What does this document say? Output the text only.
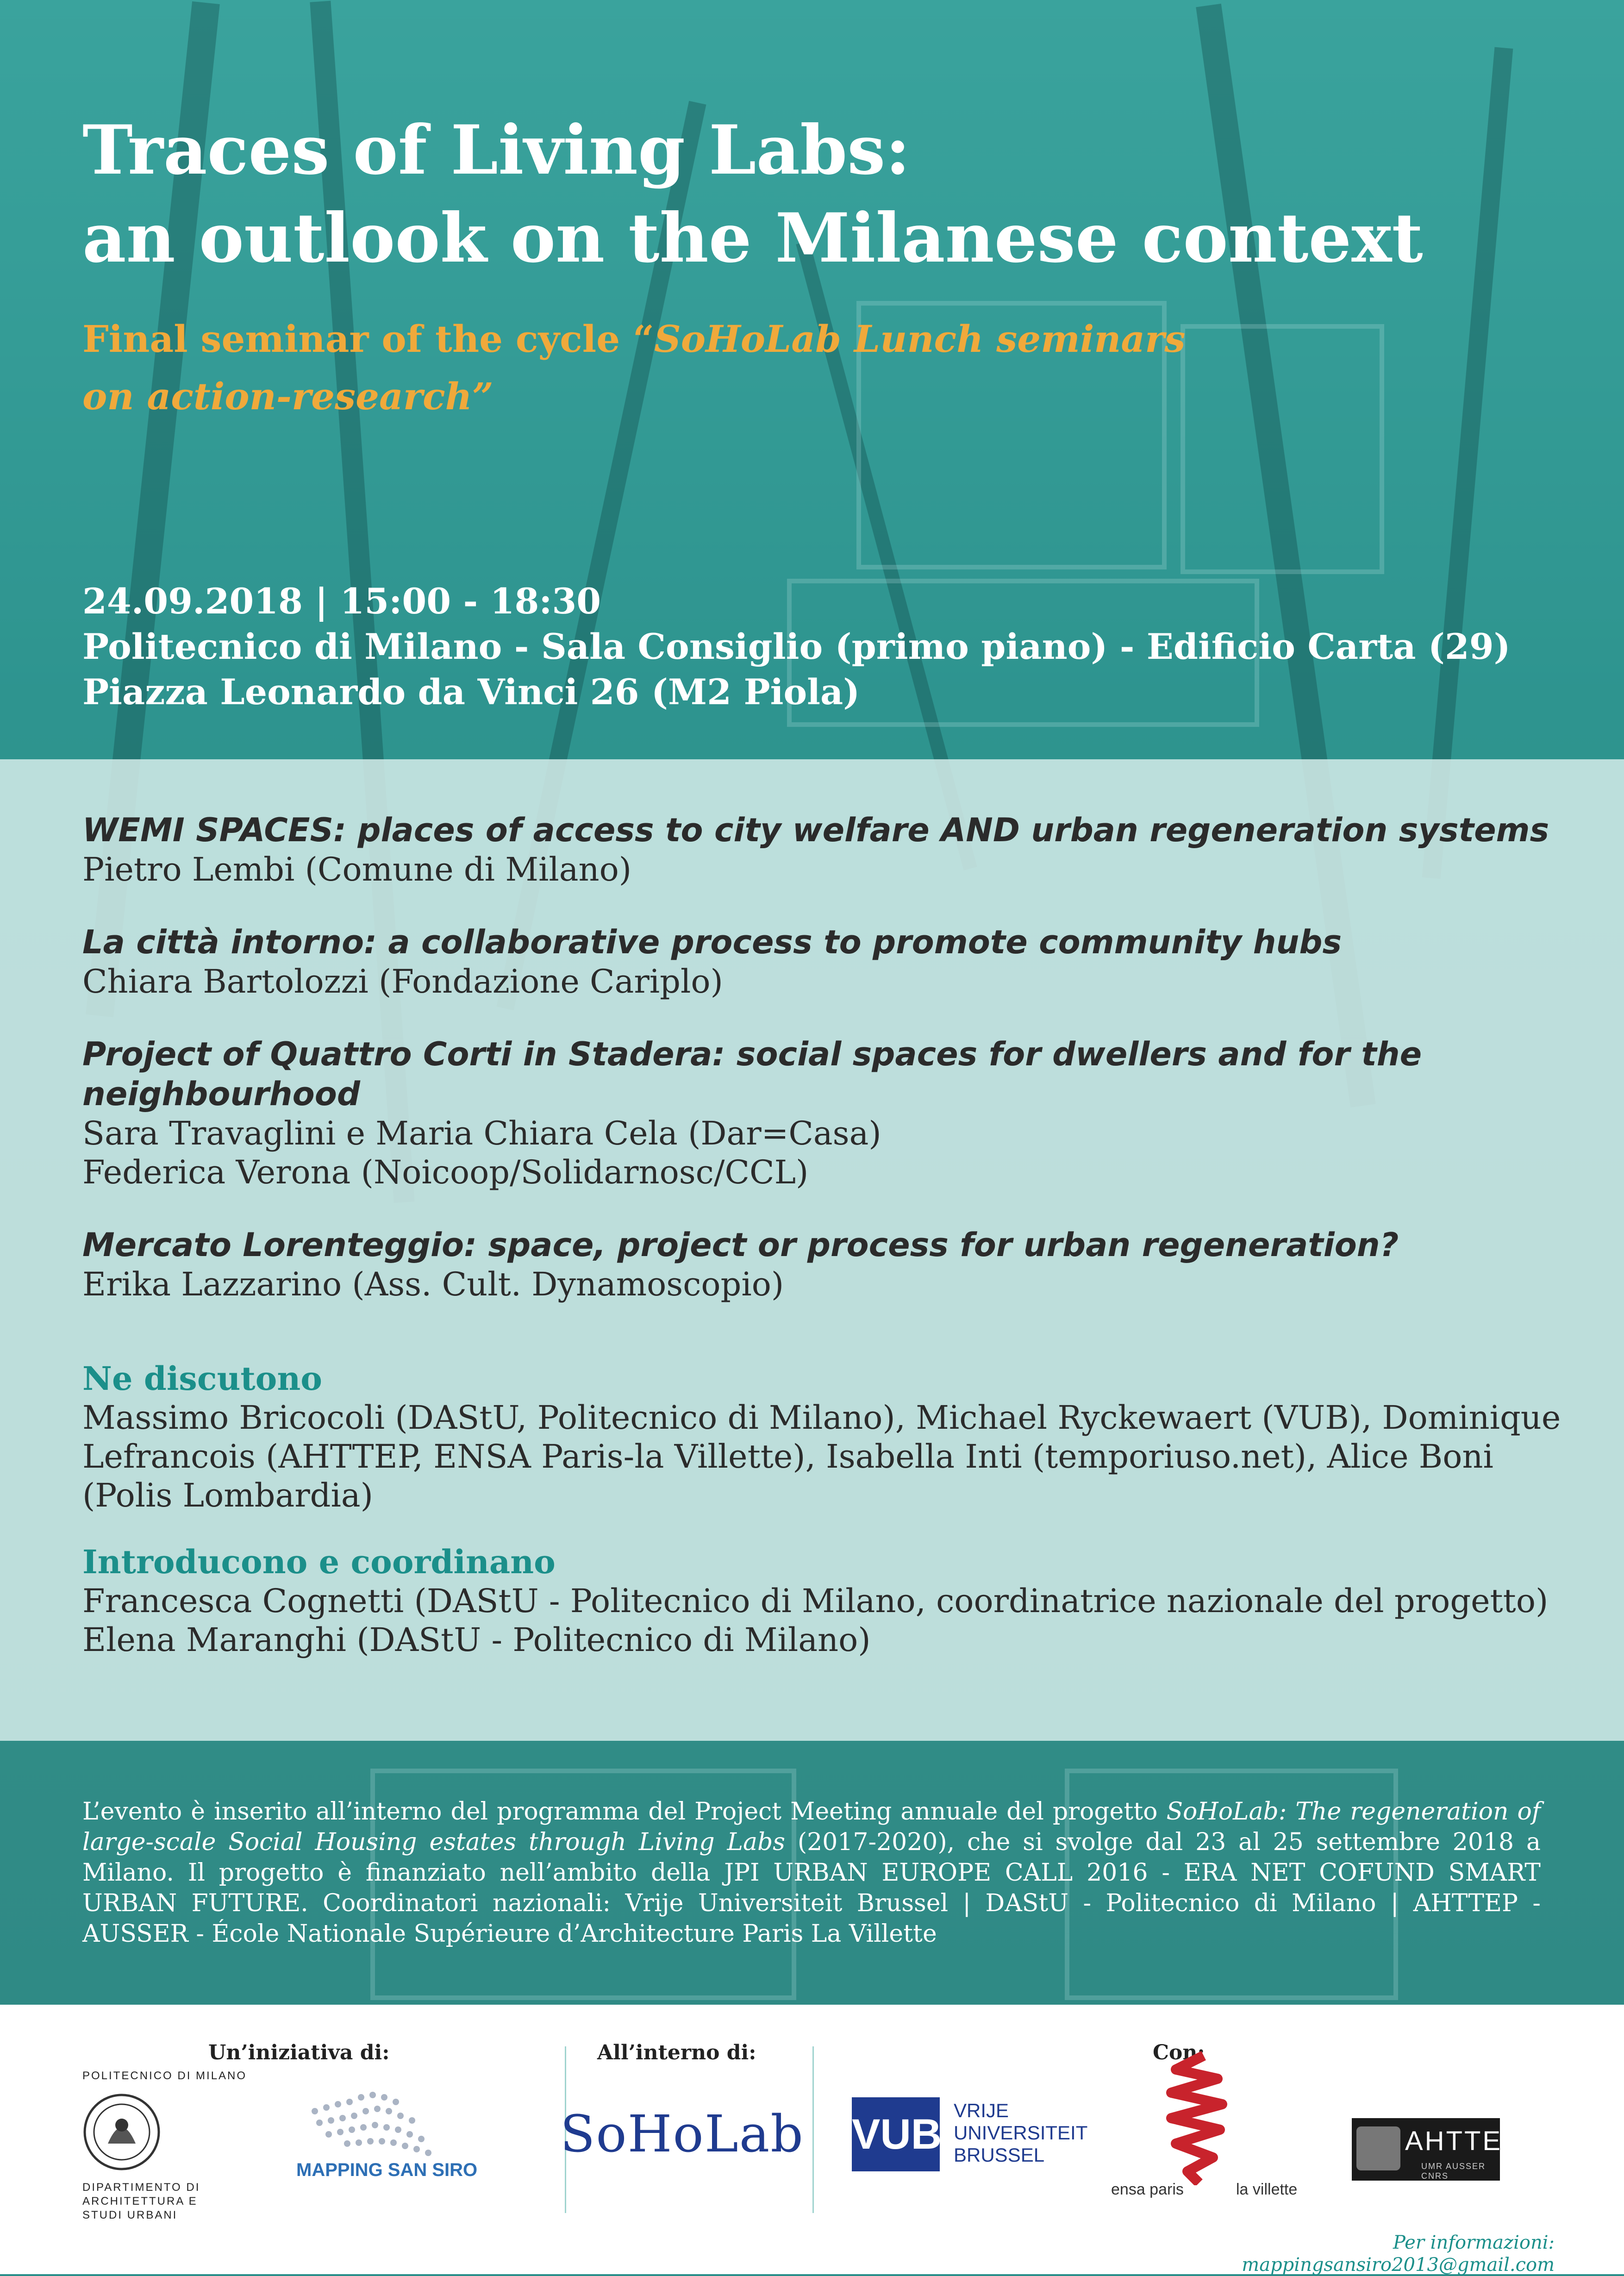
Traces of Living Labs:
an outlook on the Milanese context
Final seminar of the cycle “SoHoLab Lunch seminars
on action-research”
24.09.2018 | 15:00 - 18:30
Politecnico di Milano - Sala Consiglio (primo piano) - Edificio Carta (29)
Piazza Leonardo da Vinci 26 (M2 Piola)
WEMI SPACES: places of access to city welfare AND urban regeneration systems
Pietro Lembi (Comune di Milano)
La città intorno: a collaborative process to promote community hubs
Chiara Bartolozzi (Fondazione Cariplo)
Project of Quattro Corti in Stadera: social spaces for dwellers and for the neighbourhood
Sara Travaglini e Maria Chiara Cela (Dar=Casa)
Federica Verona (Noicoop/Solidarnosc/CCL)
Mercato Lorenteggio: space, project or process for urban regeneration?
Erika Lazzarino (Ass. Cult. Dynamoscopio)
Ne discutono
Massimo Bricocoli (DAStU, Politecnico di Milano), Michael Ryckewaert (VUB), Dominique Lefrancois (AHTTEP, ENSA Paris-la Villette), Isabella Inti (temporiuso.net), Alice Boni (Polis Lombardia)
Introducono e coordinano
Francesca Cognetti (DAStU - Politecnico di Milano, coordinatrice nazionale del progetto)
Elena Maranghi (DAStU - Politecnico di Milano)
L’evento è inserito all’interno del programma del Project Meeting annuale del progetto SoHoLab: The regeneration of large-scale Social Housing estates through Living Labs (2017-2020), che si svolge dal 23 al 25 settembre 2018 a Milano. Il progetto è finanziato nell’ambito della JPI URBAN EUROPE CALL 2016 - ERA NET COFUND SMART URBAN FUTURE. Coordinatori nazionali: Vrije Universiteit Brussel | DAStU - Politecnico di Milano | AHTTEP - AUSSER - École Nationale Supérieure d’Architecture Paris La Villette
Un’iniziativa di:	All’interno di:	Con:
POLITECNICO DI MILANO
DIPARTIMENTO DI
ARCHITETTURA E
STUDI URBANI
MAPPING SAN SIRO
SoHoLab VUB
VRIJE
UNIVERSITEIT
BRUSSEL
ensa paris	la villette
AHTTEP
UMR AUSSER CNRS
Per informazioni:
mappingsansiro2013@gmail.com
